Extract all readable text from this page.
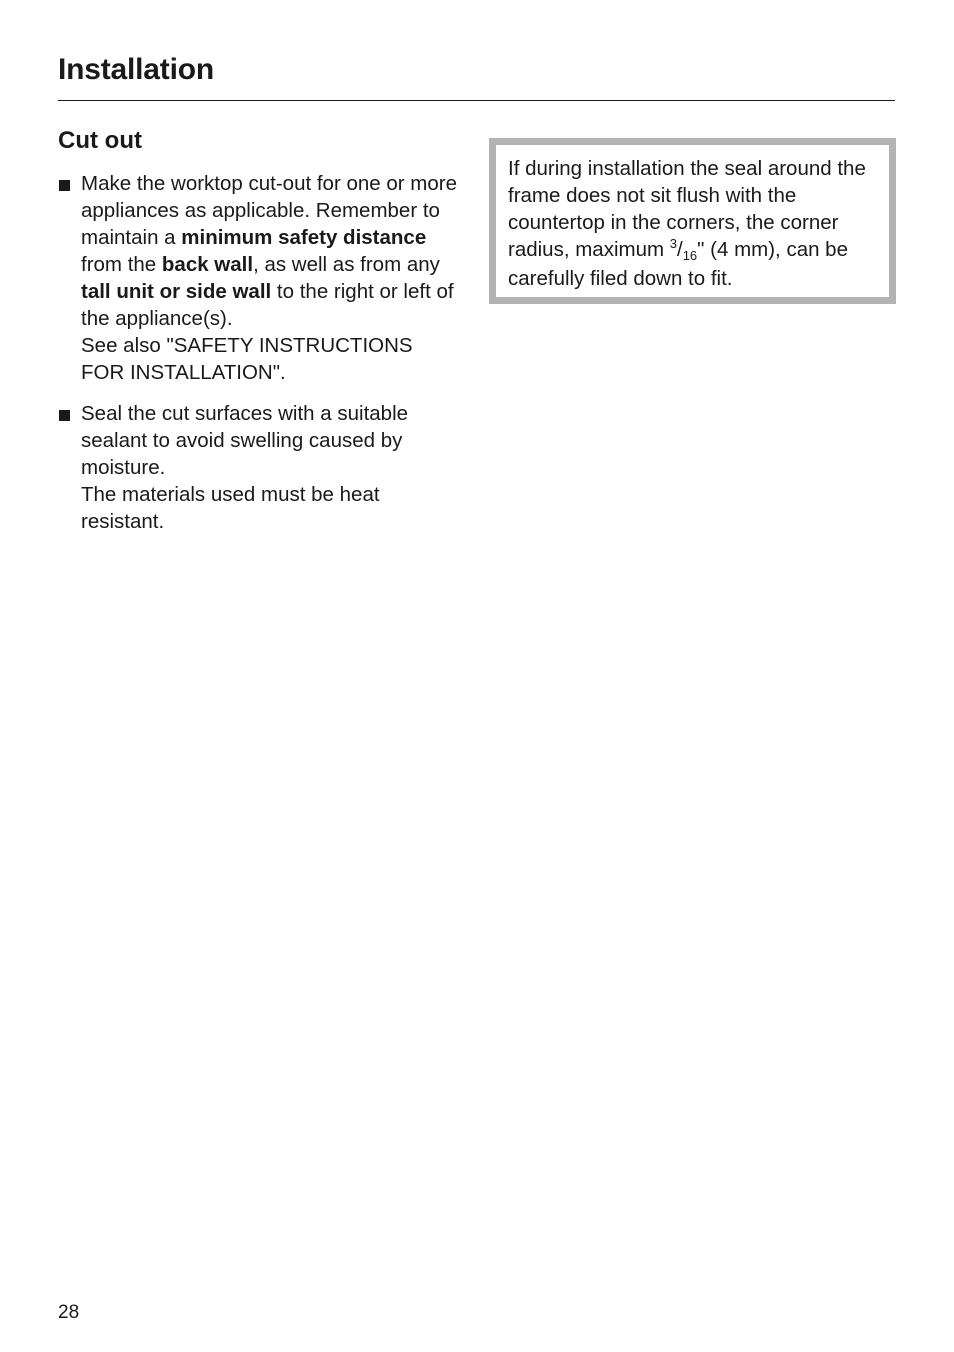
Installation
Cut out
Make the worktop cut-out for one or more appliances as applicable. Remember to maintain a minimum safety distance from the back wall, as well as from any tall unit or side wall to the right or left of the appliance(s).
See also "SAFETY INSTRUCTIONS FOR INSTALLATION".
Seal the cut surfaces with a suitable sealant to avoid swelling caused by moisture.
The materials used must be heat resistant.
If during installation the seal around the frame does not sit flush with the countertop in the corners, the corner radius, maximum $^3$/16" (4 mm), can be carefully filed down to fit.
28
